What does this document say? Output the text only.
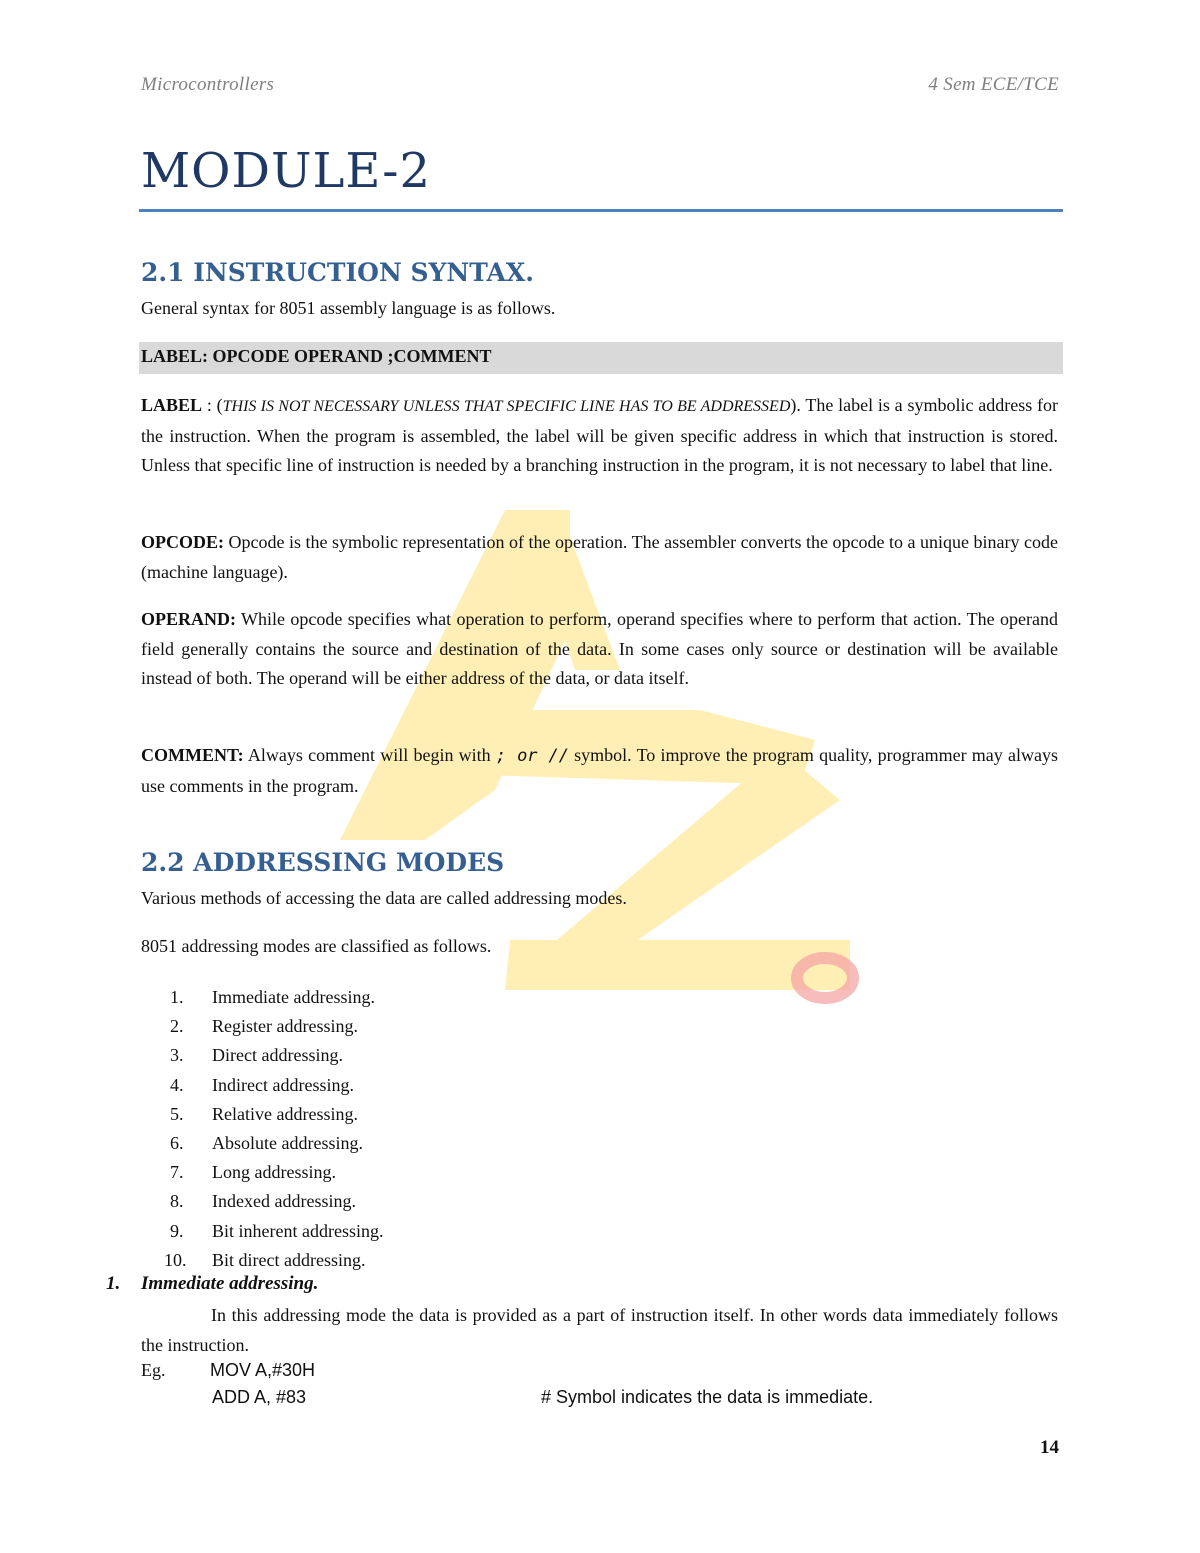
Microcontrollers	4 Sem ECE/TCE
MODULE-2
2.1 INSTRUCTION SYNTAX.
General syntax for 8051 assembly language is as follows.
LABEL: OPCODE OPERAND ;COMMENT
LABEL : (THIS IS NOT NECESSARY UNLESS THAT SPECIFIC LINE HAS TO BE ADDRESSED). The label is a symbolic address for the instruction. When the program is assembled, the label will be given specific address in which that instruction is stored. Unless that specific line of instruction is needed by a branching instruction in the program, it is not necessary to label that line.
OPCODE: Opcode is the symbolic representation of the operation. The assembler converts the opcode to a unique binary code (machine language).
OPERAND: While opcode specifies what operation to perform, operand specifies where to perform that action. The operand field generally contains the source and destination of the data. In some cases only source or destination will be available instead of both. The operand will be either address of the data, or data itself.
COMMENT: Always comment will begin with ; or // symbol. To improve the program quality, programmer may always use comments in the program.
2.2 ADDRESSING MODES
Various methods of accessing the data are called addressing modes.
8051 addressing modes are classified as follows.
1. Immediate addressing.
2. Register addressing.
3. Direct addressing.
4. Indirect addressing.
5. Relative addressing.
6. Absolute addressing.
7. Long addressing.
8. Indexed addressing.
9. Bit inherent addressing.
10. Bit direct addressing.
1. Immediate addressing.
In this addressing mode the data is provided as a part of instruction itself. In other words data immediately follows the instruction.
Eg. MOV A,#30H
ADD A, #83	# Symbol indicates the data is immediate.
14
